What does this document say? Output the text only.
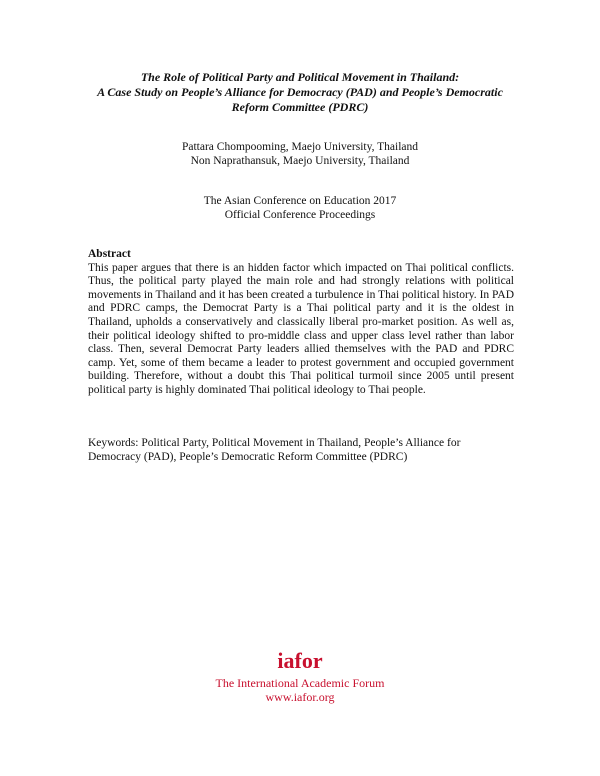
The Role of Political Party and Political Movement in Thailand:
A Case Study on People’s Alliance for Democracy (PAD) and People’s Democratic
Reform Committee (PDRC)
Pattara Chompooming, Maejo University, Thailand
Non Naprathansuk, Maejo University, Thailand
The Asian Conference on Education 2017
Official Conference Proceedings
Abstract

This paper argues that there is an hidden factor which impacted on Thai political conflicts. Thus, the political party played the main role and had strongly relations with political movements in Thailand and it has been created a turbulence in Thai political history. In PAD and PDRC camps, the Democrat Party is a Thai political party and it is the oldest in Thailand, upholds a conservatively and classically liberal pro-market position. As well as, their political ideology shifted to pro-middle class and upper class level rather than labor class. Then, several Democrat Party leaders allied themselves with the PAD and PDRC camp. Yet, some of them became a leader to protest government and occupied government building. Therefore, without a doubt this Thai political turmoil since 2005 until present political party is highly dominated Thai political ideology to Thai people.

Keywords: Political Party, Political Movement in Thailand, People’s Alliance for Democracy (PAD), People’s Democratic Reform Committee (PDRC)
iafor
The International Academic Forum
www.iafor.org
